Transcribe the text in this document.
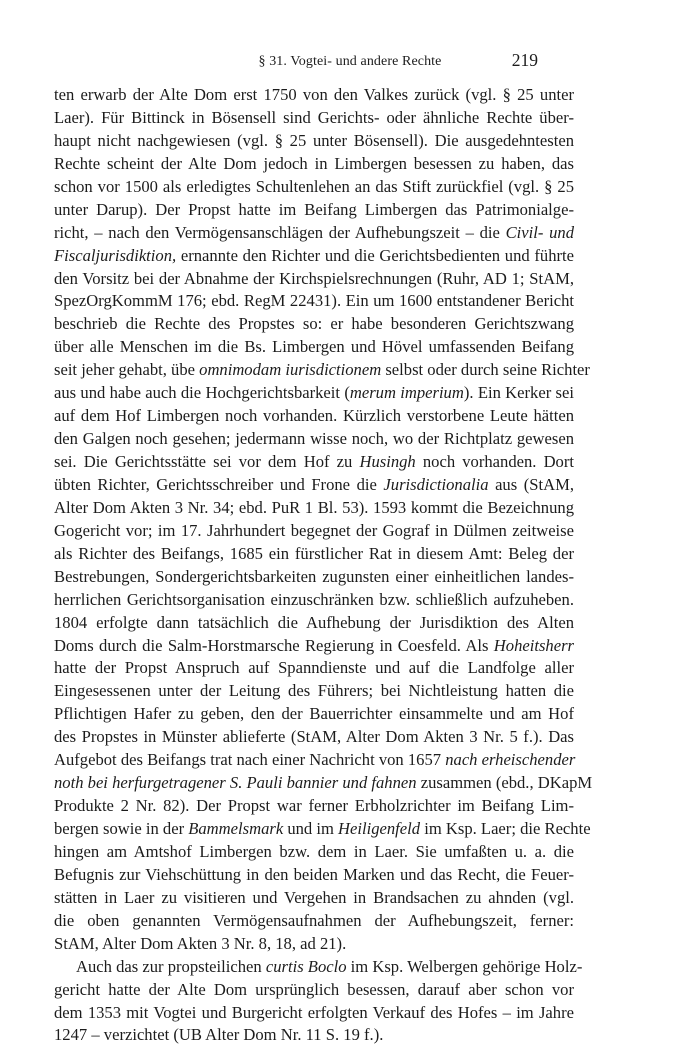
§ 31. Vogtei- und andere Rechte	219
ten erwarb der Alte Dom erst 1750 von den Valkes zurück (vgl. § 25 unter
Laer). Für Bittinck in Bösensell sind Gerichts- oder ähnliche Rechte über-
haupt nicht nachgewiesen (vgl. § 25 unter Bösensell). Die ausgedehntesten
Rechte scheint der Alte Dom jedoch in Limbergen besessen zu haben, das
schon vor 1500 als erledigtes Schultenlehen an das Stift zurückfiel (vgl. § 25
unter Darup). Der Propst hatte im Beifang Limbergen das Patrimonialge-
richt, – nach den Vermögensanschlägen der Aufhebungszeit – die Civil- und
Fiscaljurisdiktion, ernannte den Richter und die Gerichtsbedienten und führte
den Vorsitz bei der Abnahme der Kirchspielsrechnungen (Ruhr, AD 1; StAM,
SpezOrgKommM 176; ebd. RegM 22431). Ein um 1600 entstandener Bericht
beschrieb die Rechte des Propstes so: er habe besonderen Gerichtszwang
über alle Menschen im die Bs. Limbergen und Hövel umfassenden Beifang
seit jeher gehabt, übe omnimodam iurisdictionem selbst oder durch seine Richter
aus und habe auch die Hochgerichtsbarkeit (merum imperium). Ein Kerker sei
auf dem Hof Limbergen noch vorhanden. Kürzlich verstorbene Leute hätten
den Galgen noch gesehen; jedermann wisse noch, wo der Richtplatz gewesen
sei. Die Gerichtsstätte sei vor dem Hof zu Husingh noch vorhanden. Dort
übten Richter, Gerichtsschreiber und Frone die Jurisdictionalia aus (StAM,
Alter Dom Akten 3 Nr. 34; ebd. PuR 1 Bl. 53). 1593 kommt die Bezeichnung
Gogericht vor; im 17. Jahrhundert begegnet der Gograf in Dülmen zeitweise
als Richter des Beifangs, 1685 ein fürstlicher Rat in diesem Amt: Beleg der
Bestrebungen, Sondergerichtsbarkeiten zugunsten einer einheitlichen landes-
herrlichen Gerichtsorganisation einzuschränken bzw. schließlich aufzuheben.
1804 erfolgte dann tatsächlich die Aufhebung der Jurisdiktion des Alten
Doms durch die Salm-Horstmarsche Regierung in Coesfeld. Als Hoheitsherr
hatte der Propst Anspruch auf Spanndienste und auf die Landfolge aller
Eingesessenen unter der Leitung des Führers; bei Nichtleistung hatten die
Pflichtigen Hafer zu geben, den der Bauerrichter einsammelte und am Hof
des Propstes in Münster ablieferte (StAM, Alter Dom Akten 3 Nr. 5 f.). Das
Aufgebot des Beifangs trat nach einer Nachricht von 1657 nach erheischender
noth bei herfurgetragener S. Pauli bannier und fahnen zusammen (ebd., DKapM
Produkte 2 Nr. 82). Der Propst war ferner Erbholzrichter im Beifang Lim-
bergen sowie in der Bammelsmark und im Heiligenfeld im Ksp. Laer; die Rechte
hingen am Amtshof Limbergen bzw. dem in Laer. Sie umfaßten u. a. die
Befugnis zur Viehschüttung in den beiden Marken und das Recht, die Feuer-
stätten in Laer zu visitieren und Vergehen in Brandsachen zu ahnden (vgl.
die oben genannten Vermögensaufnahmen der Aufhebungszeit, ferner:
StAM, Alter Dom Akten 3 Nr. 8, 18, ad 21).
Auch das zur propsteilichen curtis Boclo im Ksp. Welbergen gehörige Holz-
gericht hatte der Alte Dom ursprünglich besessen, darauf aber schon vor
dem 1353 mit Vogtei und Burgericht erfolgten Verkauf des Hofes – im Jahre
1247 – verzichtet (UB Alter Dom Nr. 11 S. 19 f.).
